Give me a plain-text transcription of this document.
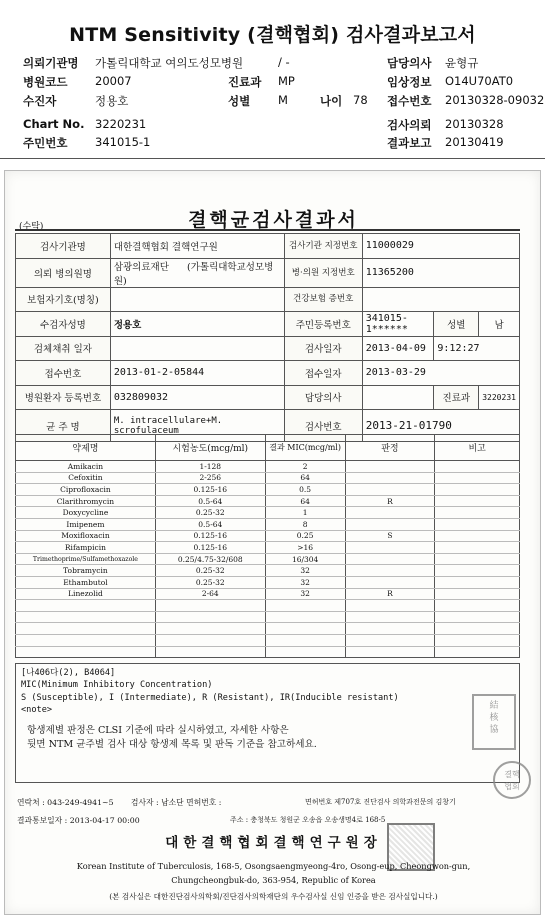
NTM Sensitivity (결핵협회) 검사결과보고서
의뢰기관명 가톨릭대학교 여의도성모병원	/ -	담당의사 윤형규
병원코드 20007	진료과 MP	임상정보 O14U70AT0
수진자	정용호	성별 M	나이 78 접수번호 20130328-09032
Chart No. 3220231	검사의뢰 20130328
주민번호 341015-1	결과보고 20130419
(수탁)	결핵균검사결과서
검사기관명	대한결핵협회 결핵연구원	검사기관 지정번호	11000029		
의뢰 병의원명	삼광의료재단 (가톨릭대학교성모병원)	병·의원 지정번호	11365200		
보험자기호(명칭)		건강보험 증번호			
수검자성명	정용호	주민등록번호	341015-1******	성별	남
검체채취 일자		검사일자	2013-04-09	9:12:27	
접수번호	2013-01-2-05844	접수일자	2013-03-29		
병원환자 등록번호	032809032	담당의사		진료과	3220231
균 주 명	M. intracellulare+M. scrofulaceum	검사번호	2013-21-01790		
약제명	시험농도(mcg/ml)	결과 MIC(mcg/ml)	판정	비고
Amikacin	1-128	2		
Cefoxitin	2-256	64		
Ciprofloxacin	0.125-16	0.5		
Clarithromycin	0.5-64	64	R	
Doxycycline	0.25-32	1		
Imipenem	0.5-64	8		
Moxifloxacin	0.125-16	0.25	S	
Rifampicin	0.125-16	>16		
Trimethoprime/Sulfamethoxazole	0.25/4.75-32/608	16/304		
Tobramycin	0.25-32	32		
Ethambutol	0.25-32	32		
Linezolid	2-64	32	R	

[나406다(2), B4064]
MIC(Minimum Inhibitory Concentration)
S (Susceptible), I (Intermediate), R (Resistant), IR(Inducible resistant)
<note>
항생제별 판정은 CLSI 기준에 따라 실시하였고, 자세한 사항은
뒷면 NTM 균주별 검사 대상 항생제 목록 및 판독 기준을 참고하세요.
結
核
協
연락처 : 043-249-4941~5 검사자 : 남소단 면허번호 :	면허번호 제707호 진단검사 의학과전문의 김창기
결핵
협회
결과통보일자 : 2013-04-17 00:00	주소 : 충청북도 청원군 오송읍 오송생명4로 168-5
대한결핵협회결핵연구원장
Korean Institute of Tuberculosis, 168-5, Osongsaengmyeong-4ro, Osong-eup, Cheongwon-gun,
Chungcheongbuk-do, 363-954, Republic of Korea
(본 검사실은 대한진단검사의학회/진단검사의학재단의 우수검사실 신임 인증을 받은 검사실입니다.)
